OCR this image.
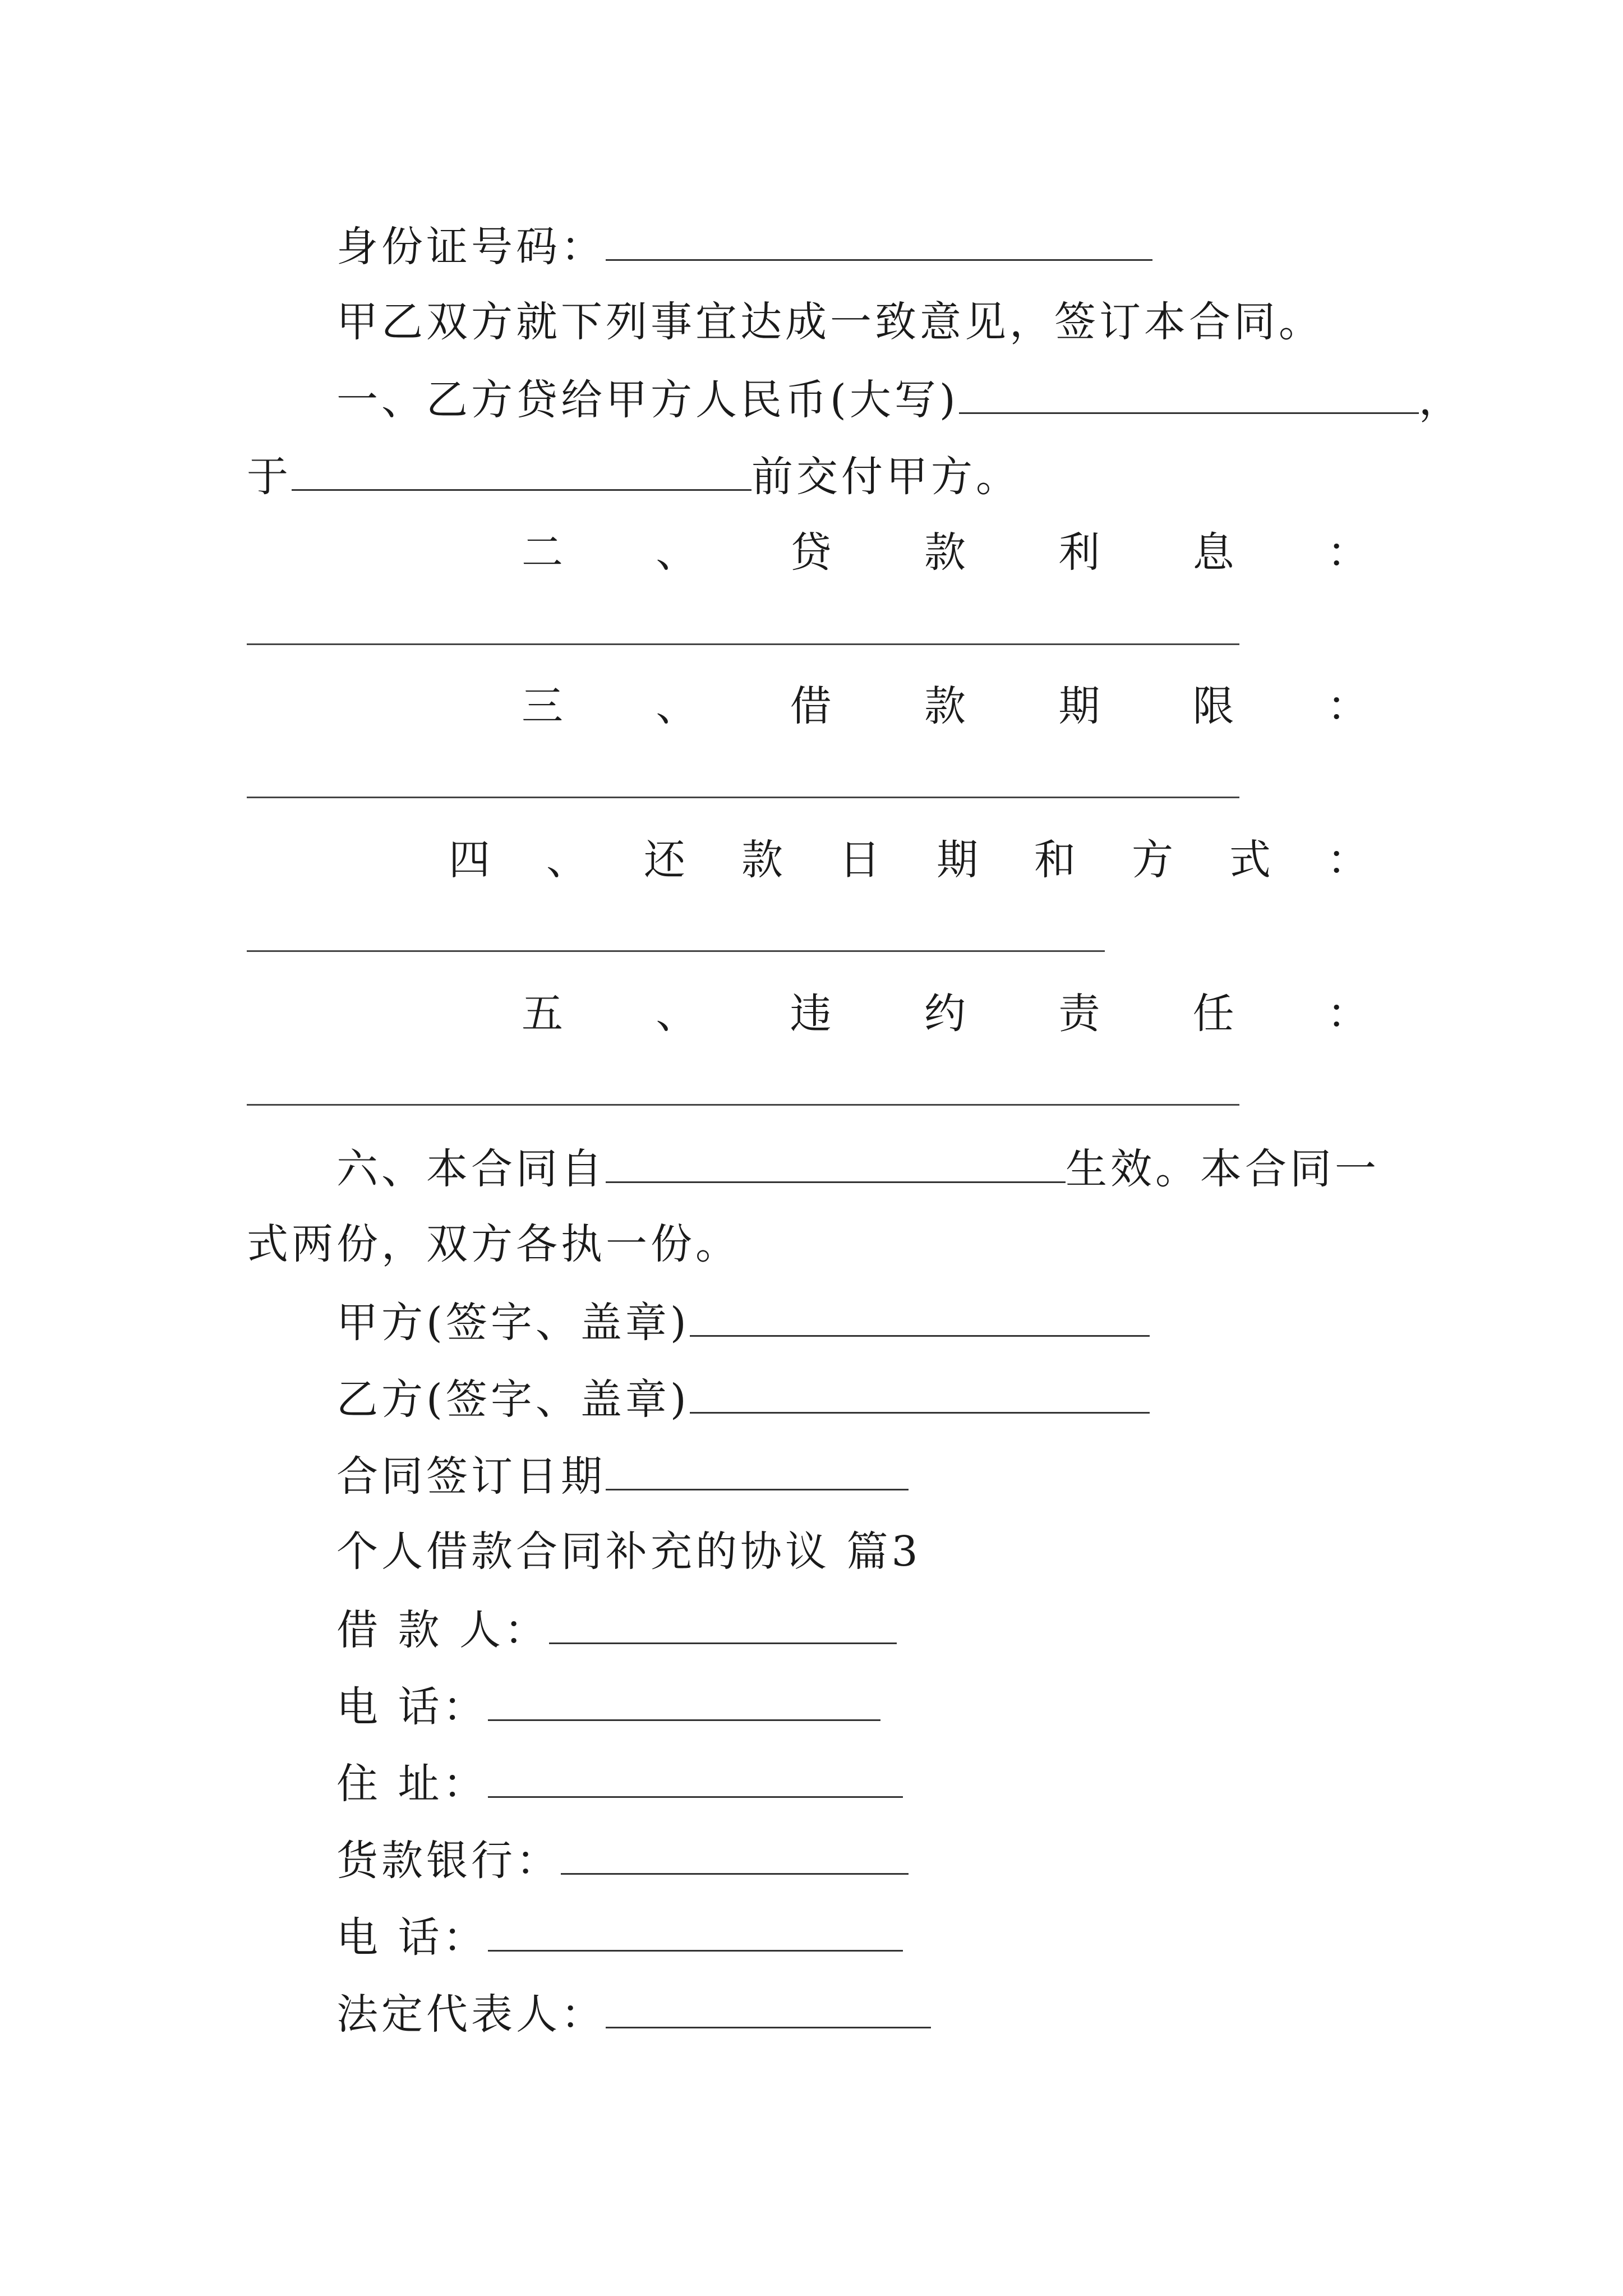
身份证号码：
甲乙双方就下列事宜达成一致意见，签订本合同。
一、乙方贷给甲方人民币(大写)	，
于	前交付甲方。
二 、 贷 款 利 息 ：
三 、 借 款 期 限 ：
四 、 还 款 日 期 和 方 式 ：
五 、 违 约 责 任 ：
六、本合同自	生效。本合同一
式两份，双方各执一份。
甲方(签字、盖章)
乙方(签字、盖章)
合同签订日期
个人借款合同补充的协议 篇3
借 款 人：
电 话：
住 址：
货款银行：
电 话：
法定代表人：
